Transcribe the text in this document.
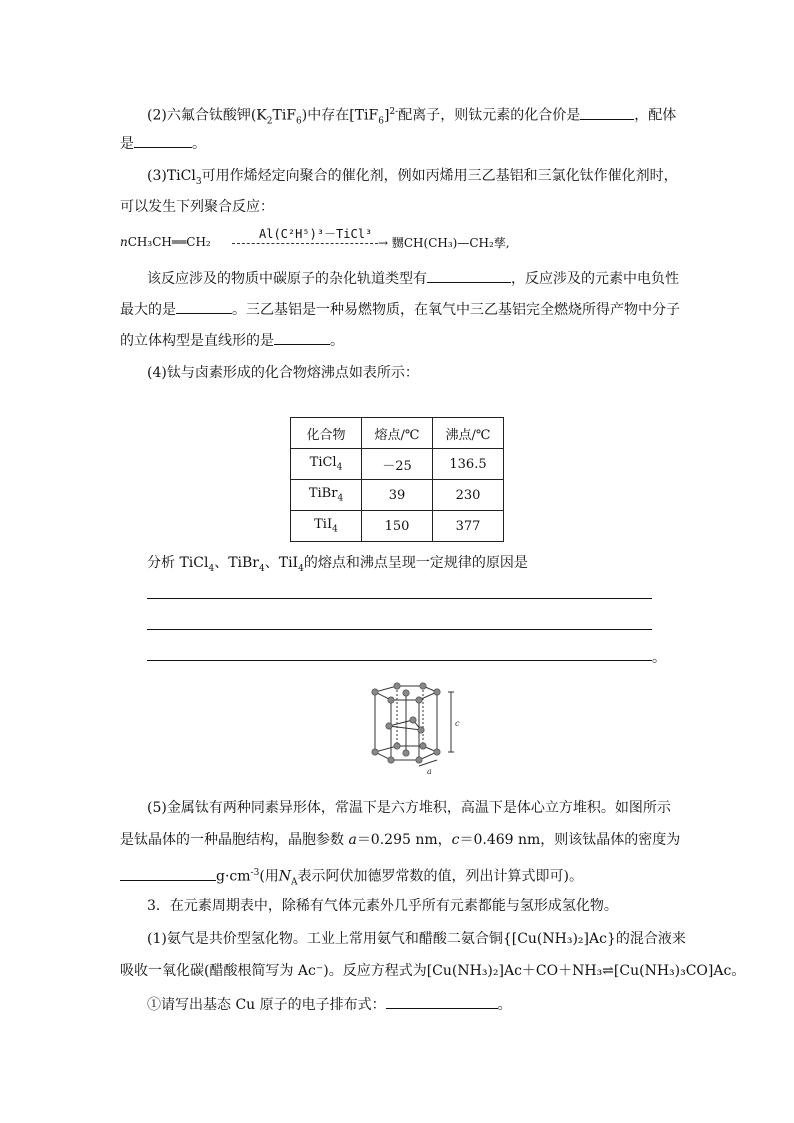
(2)六氟合钛酸钾$(K_2TiF_6)$中存在$[TiF_6]^{2-}$配离子，则钛元素的化合价是	，配体
是	。
(3)TiCl$_3$可用作烯烃定向聚合的催化剂，例如丙烯用三乙基铝和三氯化钛作催化剂时，
可以发生下列聚合反应：
nCH₃CH══CH₂
Al(C²H⁵)³－TiCl³
→ 嬲CH(CH₃)—CH₂孳,
该反应涉及的物质中碳原子的杂化轨道类型有	，反应涉及的元素中电负性
最大的是	。三乙基铝是一种易燃物质，在氧气中三乙基铝完全燃烧所得产物中分子
的立体构型是直线形的是	。
(4)钛与卤素形成的化合物熔沸点如表所示：
化合物	熔点/℃	沸点/℃
TiCl$_4$	－25	136.5
TiBr$_4$	39	230
TiI$_4$	150	377
分析 TiCl$_4$、TiBr$_4$、TiI$_4$的熔点和沸点呈现一定规律的原因是
。
c
a
(5)金属钛有两种同素异形体，常温下是六方堆积，高温下是体心立方堆积。如图所示
是钛晶体的一种晶胞结构，晶胞参数 a＝0.295 nm，c＝0.469 nm，则该钛晶体的密度为
$g\cdot cm^{-3}$(用$N_A$表示阿伏加德罗常数的值，列出计算式即可)。
3．在元素周期表中，除稀有气体元素外几乎所有元素都能与氢形成氢化物。
(1)氨气是共价型氢化物。工业上常用氨气和醋酸二氨合铜{[Cu(NH₃)₂]Ac}的混合液来
吸收一氧化碳(醋酸根简写为 Ac⁻)。反应方程式为[Cu(NH₃)₂]Ac＋CO＋NH₃⇌[Cu(NH₃)₃CO]Ac。
①请写出基态 Cu 原子的电子排布式：	。
